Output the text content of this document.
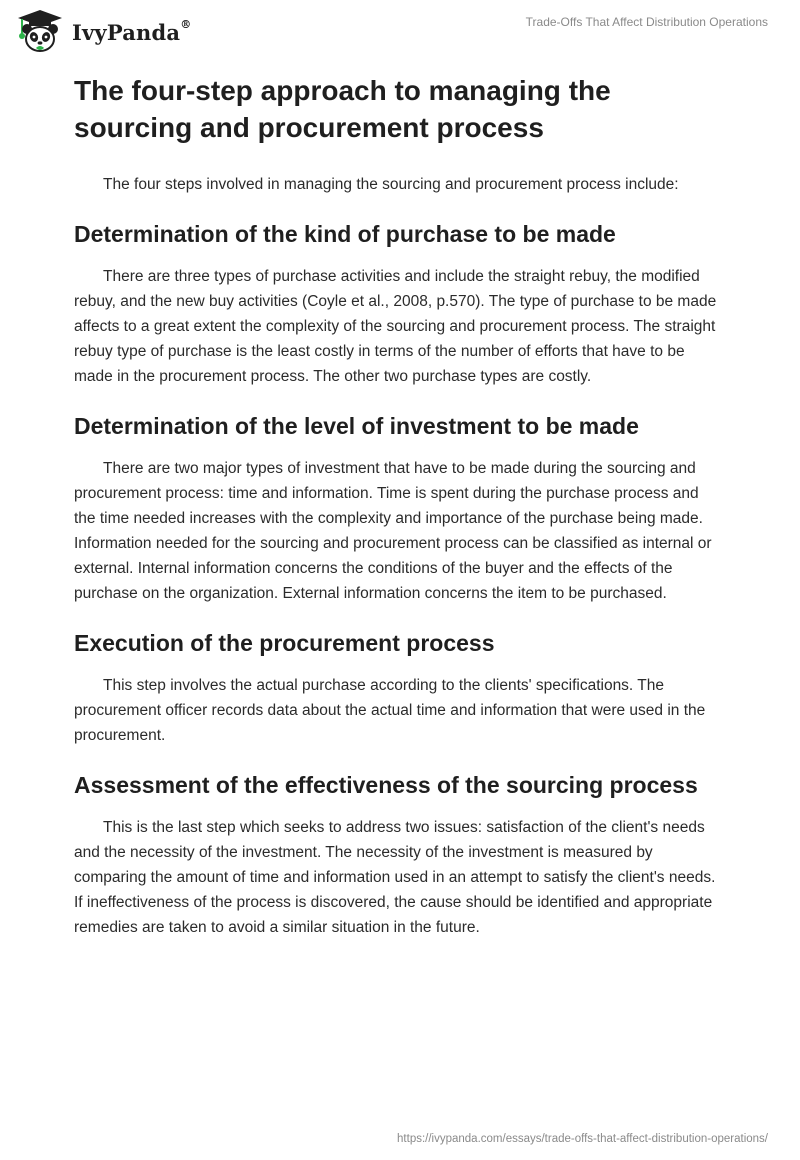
IvyPanda®	Trade-Offs That Affect Distribution Operations
The four-step approach to managing the sourcing and procurement process

The four steps involved in managing the sourcing and procurement process include:

Determination of the kind of purchase to be made

There are three types of purchase activities and include the straight rebuy, the modified rebuy, and the new buy activities (Coyle et al., 2008, p.570). The type of purchase to be made affects to a great extent the complexity of the sourcing and procurement process. The straight rebuy type of purchase is the least costly in terms of the number of efforts that have to be made in the procurement process. The other two purchase types are costly.

Determination of the level of investment to be made

There are two major types of investment that have to be made during the sourcing and procurement process: time and information. Time is spent during the purchase process and the time needed increases with the complexity and importance of the purchase being made. Information needed for the sourcing and procurement process can be classified as internal or external. Internal information concerns the conditions of the buyer and the effects of the purchase on the organization. External information concerns the item to be purchased.

Execution of the procurement process

This step involves the actual purchase according to the clients' specifications. The procurement officer records data about the actual time and information that were used in the procurement.

Assessment of the effectiveness of the sourcing process

This is the last step which seeks to address two issues: satisfaction of the client's needs and the necessity of the investment. The necessity of the investment is measured by comparing the amount of time and information used in an attempt to satisfy the client's needs. If ineffectiveness of the process is discovered, the cause should be identified and appropriate remedies are taken to avoid a similar situation in the future.

https://ivypanda.com/essays/trade-offs-that-affect-distribution-operations/
